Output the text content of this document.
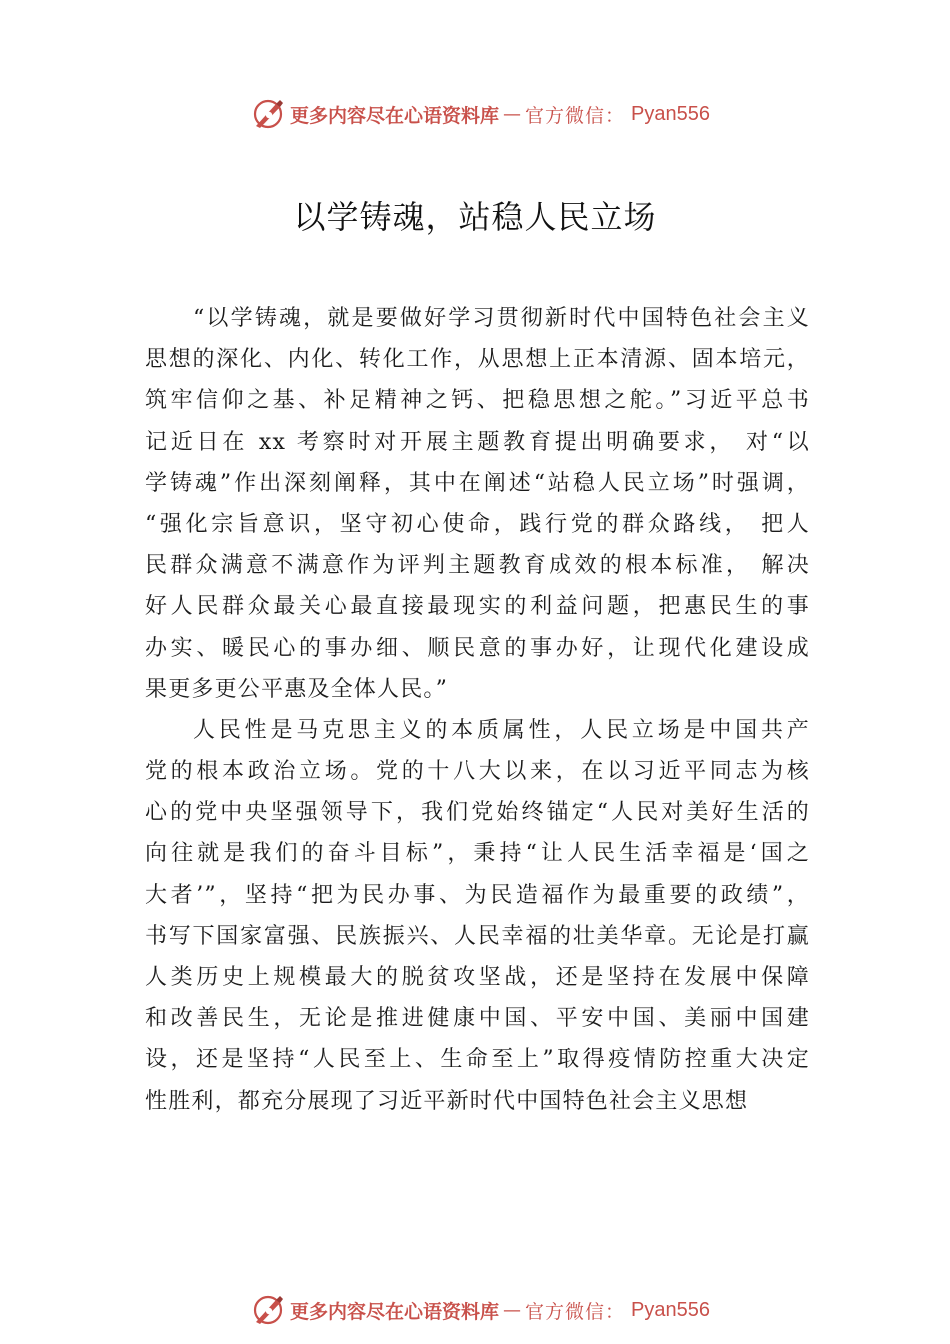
更多内容尽在心语资料库 — 官方微信： Pyan556
以学铸魂，站稳人民立场
“以学铸魂，就是要做好学习贯彻新时代中国特色社会主义
思想的深化、内化、转化工作，从思想上正本清源、固本培元，
筑牢信仰之基、补足精神之钙、把稳思想之舵。”习近平总书
记近日在 xx 考察时对开展主题教育提出明确要求， 对“以
学铸魂”作出深刻阐释，其中在阐述“站稳人民立场”时强调，
“强化宗旨意识，坚守初心使命，践行党的群众路线， 把人
民群众满意不满意作为评判主题教育成效的根本标准， 解决
好人民群众最关心最直接最现实的利益问题，把惠民生的事
办实、暖民心的事办细、顺民意的事办好，让现代化建设成
果更多更公平惠及全体人民。”
人民性是马克思主义的本质属性，人民立场是中国共产
党的根本政治立场。党的十八大以来，在以习近平同志为核
心的党中央坚强领导下，我们党始终锚定“人民对美好生活的
向往就是我们的奋斗目标”，秉持“让人民生活幸福是‘国之
大者’”，坚持“把为民办事、为民造福作为最重要的政绩”，
书写下国家富强、民族振兴、人民幸福的壮美华章。无论是打赢
人类历史上规模最大的脱贫攻坚战，还是坚持在发展中保障
和改善民生，无论是推进健康中国、平安中国、美丽中国建
设，还是坚持“人民至上、生命至上”取得疫情防控重大决定
性胜利，都充分展现了习近平新时代中国特色社会主义思想
更多内容尽在心语资料库 — 官方微信： Pyan556
